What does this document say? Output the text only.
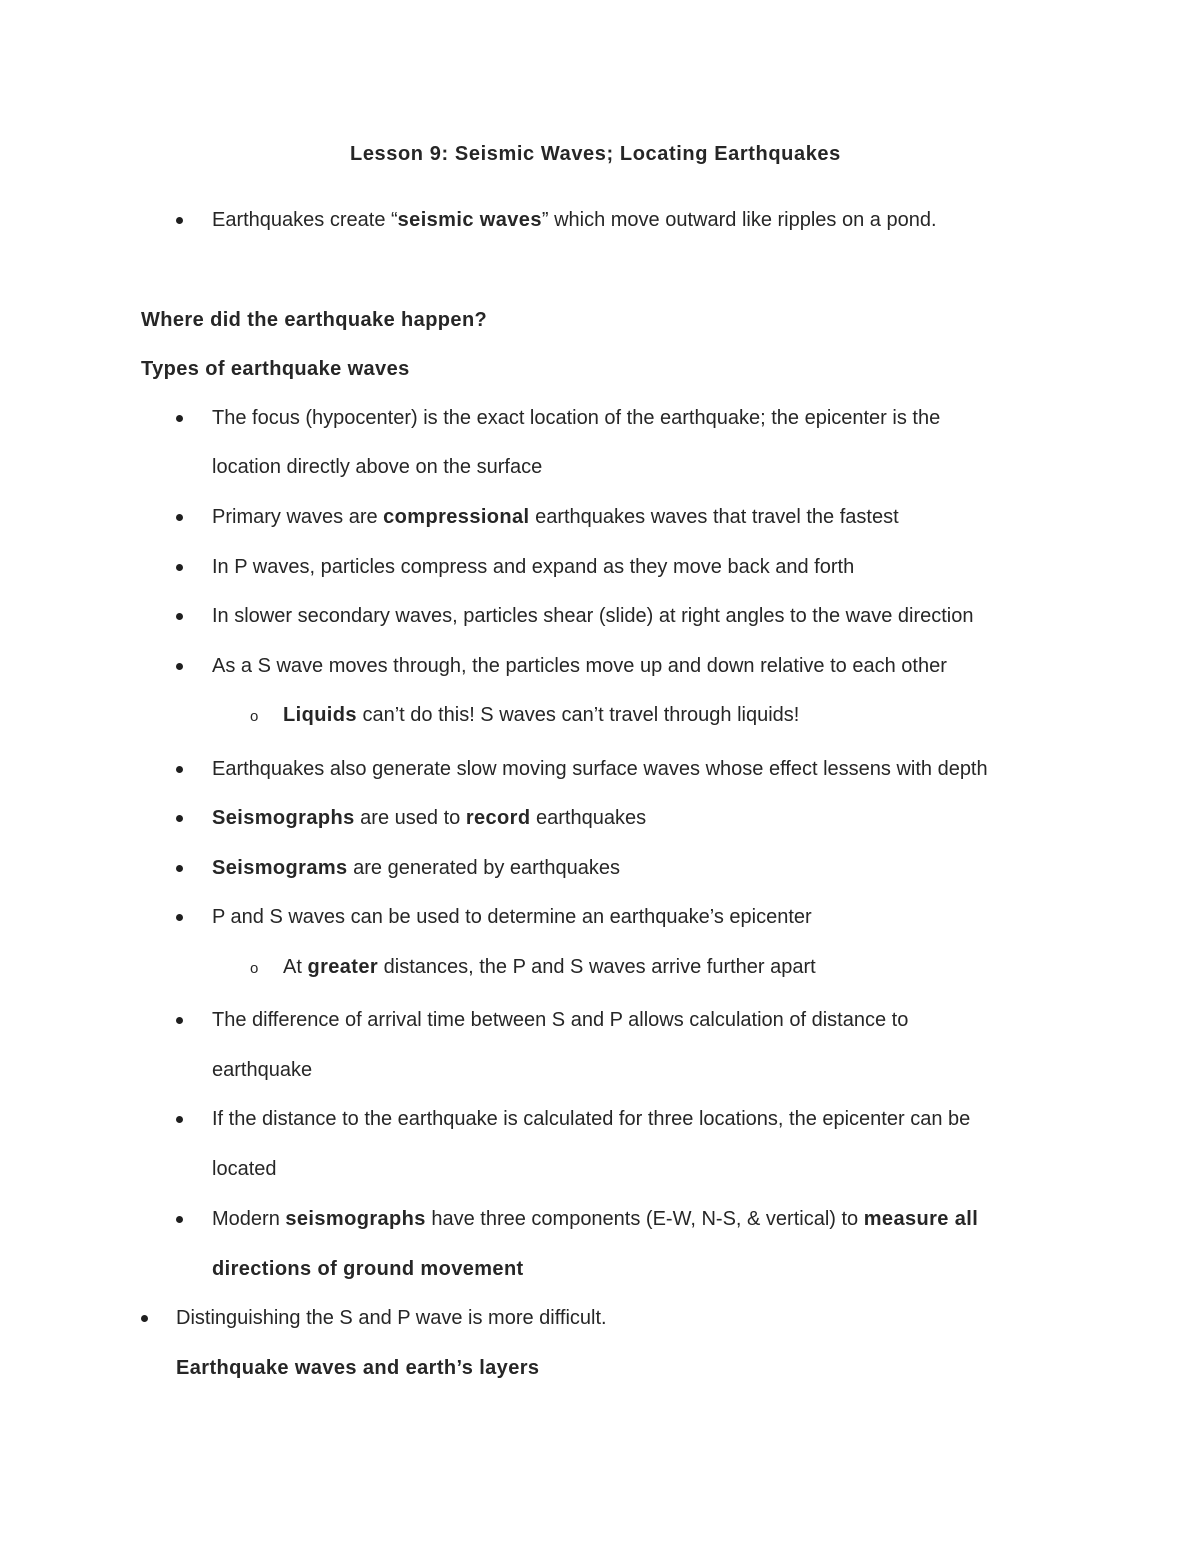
Lesson 9: Seismic Waves; Locating Earthquakes
Earthquakes create “seismic waves” which move outward like ripples on a pond.
Where did the earthquake happen?
Types of earthquake waves
The focus (hypocenter) is the exact location of the earthquake; the epicenter is the
location directly above on the surface
Primary waves are compressional earthquakes waves that travel the fastest
In P waves, particles compress and expand as they move back and forth
In slower secondary waves, particles shear (slide) at right angles to the wave direction
As a S wave moves through, the particles move up and down relative to each other
o Liquids can’t do this! S waves can’t travel through liquids!
Earthquakes also generate slow moving surface waves whose effect lessens with depth
Seismographs are used to record earthquakes
Seismograms are generated by earthquakes
P and S waves can be used to determine an earthquake’s epicenter
o At greater distances, the P and S waves arrive further apart
The difference of arrival time between S and P allows calculation of distance to
earthquake
If the distance to the earthquake is calculated for three locations, the epicenter can be
located
Modern seismographs have three components (E-W, N-S, & vertical) to measure all
directions of ground movement
Distinguishing the S and P wave is more difficult.
Earthquake waves and earth’s layers
